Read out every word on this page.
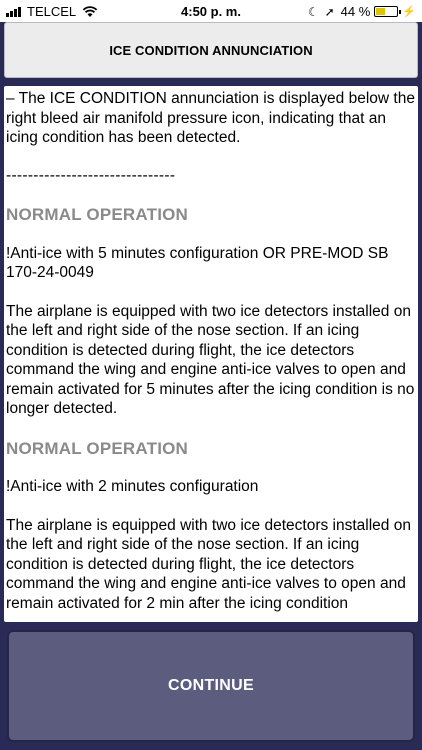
TELCEL	4:50 p. m.	☾ ➚ 44 %	⚡
ICE CONDITION ANNUNCIATION

– The ICE CONDITION annunciation is displayed below the right bleed air manifold pressure icon, indicating that an icing condition has been detected.

-------------------------------

NORMAL OPERATION

!Anti-ice with 5 minutes configuration OR PRE-MOD SB 170-24-0049

The airplane is equipped with two ice detectors installed on the left and right side of the nose section. If an icing condition is detected during flight, the ice detectors command the wing and engine anti-ice valves to open and remain activated for 5 minutes after the icing condition is no longer detected.

NORMAL OPERATION

!Anti-ice with 2 minutes configuration

The airplane is equipped with two ice detectors installed on the left and right side of the nose section. If an icing condition is detected during flight, the ice detectors command the wing and engine anti-ice valves to open and remain activated for 2 min after the icing condition

CONTINUE
